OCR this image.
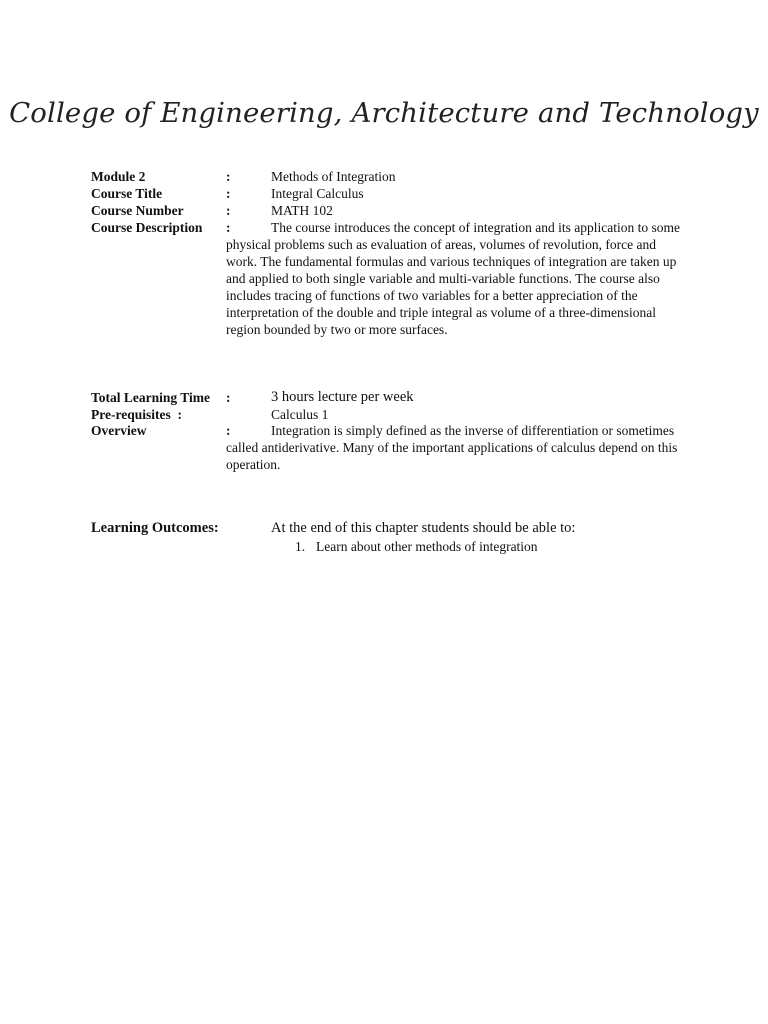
College of Engineering, Architecture and Technology
Module 2	:	Methods of Integration
Course Title	:	Integral Calculus
Course Number	:	MATH 102
Course Description :	The course introduces the concept of integration and its application to some physical problems such as evaluation of areas, volumes of revolution, force and work. The fundamental formulas and various techniques of integration are taken up and applied to both single variable and multi-variable functions. The course also includes tracing of functions of two variables for a better appreciation of the interpretation of the double and triple integral as volume of a three-dimensional region bounded by two or more surfaces.
Total Learning Time :	3 hours lecture per week
Pre-requisites  :	Calculus 1
Overview	:	Integration is simply defined as the inverse of differentiation or sometimes called antiderivative. Many of the important applications of calculus depend on this operation.
Learning Outcomes:	At the end of this chapter students should be able to:
1. Learn about other methods of integration
